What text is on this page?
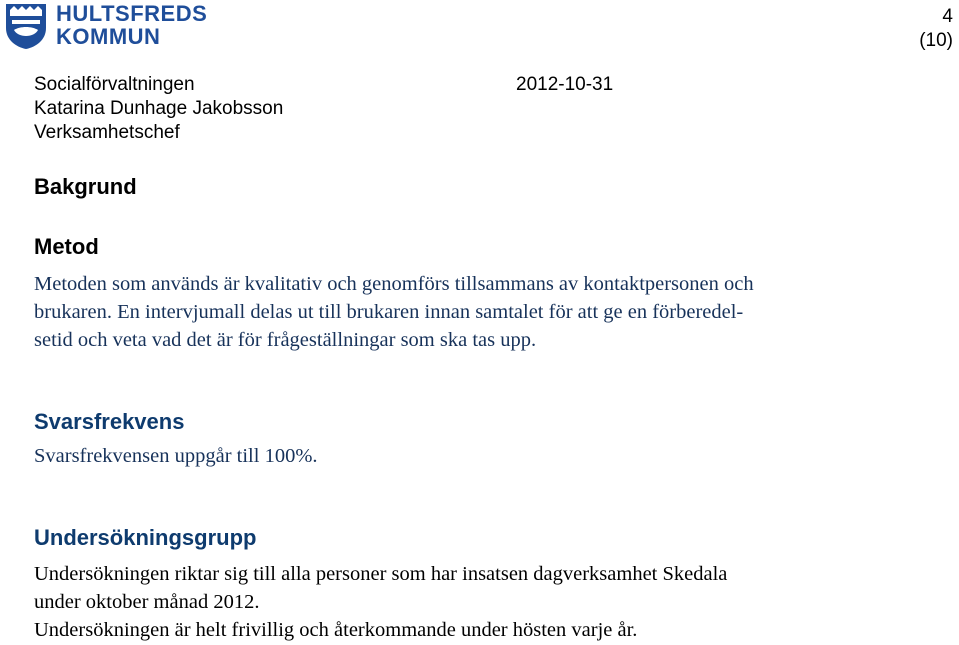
HULTSFREDS
KOMMUN
4
(10)
Socialförvaltningen
Katarina Dunhage Jakobsson
Verksamhetschef
2012-10-31
Bakgrund
Metod
Metoden som används är kvalitativ och genomförs tillsammans av kontaktpersonen och
brukaren. En intervjumall delas ut till brukaren innan samtalet för att ge en förberedel-
setid och veta vad det är för frågeställningar som ska tas upp.
Svarsfrekvens
Svarsfrekvensen uppgår till 100%.
Undersökningsgrupp
Undersökningen riktar sig till alla personer som har insatsen dagverksamhet Skedala
under oktober månad 2012.
Undersökningen är helt frivillig och återkommande under hösten varje år.
